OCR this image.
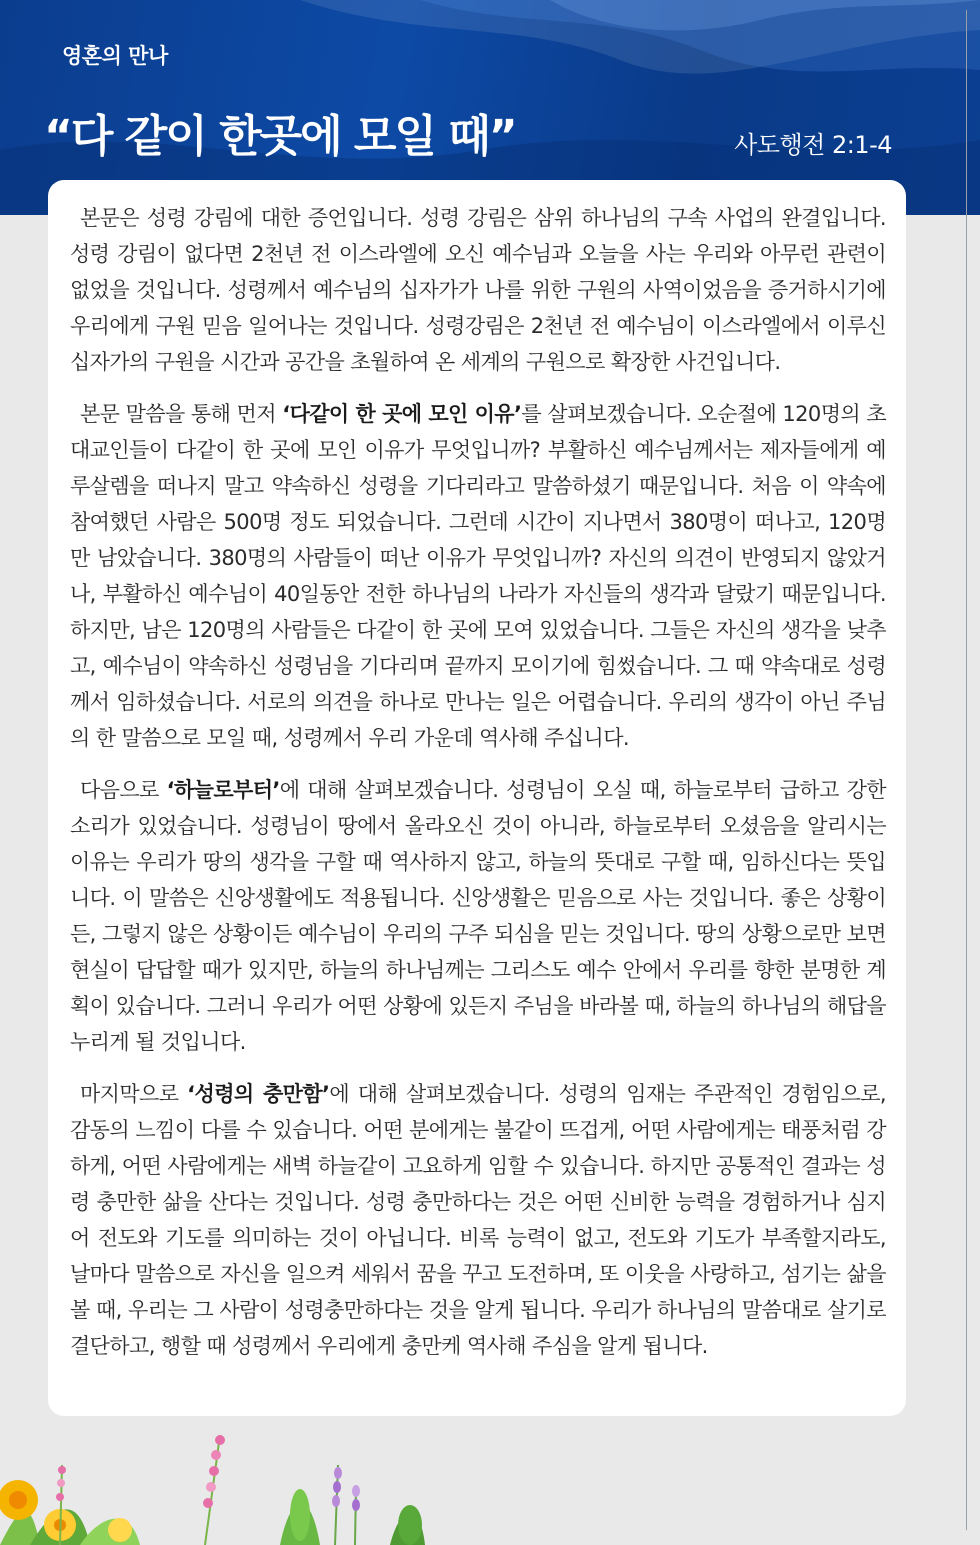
영혼의 만나
“다 같이 한곳에 모일 때”	사도행전 2:1-4

본문은 성령 강림에 대한 증언입니다. 성령 강림은 삼위 하나님의 구속 사업의 완결입니다. 성령 강림이 없다면 2천년 전 이스라엘에 오신 예수님과 오늘을 사는 우리와 아무런 관련이 없었을 것입니다. 성령께서 예수님의 십자가가 나를 위한 구원의 사역이었음을 증거하시기에 우리에게 구원 믿음 일어나는 것입니다. 성령강림은 2천년 전 예수님이 이스라엘에서 이루신 십자가의 구원을 시간과 공간을 초월하여 온 세계의 구원으로 확장한 사건입니다.

본문 말씀을 통해 먼저 ‘다같이 한 곳에 모인 이유’를 살펴보겠습니다. 오순절에 120명의 초대교인들이 다같이 한 곳에 모인 이유가 무엇입니까? 부활하신 예수님께서는 제자들에게 예루살렘을 떠나지 말고 약속하신 성령을 기다리라고 말씀하셨기 때문입니다. 처음 이 약속에 참여했던 사람은 500명 정도 되었습니다. 그런데 시간이 지나면서 380명이 떠나고, 120명만 남았습니다. 380명의 사람들이 떠난 이유가 무엇입니까? 자신의 의견이 반영되지 않았거나, 부활하신 예수님이 40일동안 전한 하나님의 나라가 자신들의 생각과 달랐기 때문입니다. 하지만, 남은 120명의 사람들은 다같이 한 곳에 모여 있었습니다. 그들은 자신의 생각을 낮추고, 예수님이 약속하신 성령님을 기다리며 끝까지 모이기에 힘썼습니다. 그 때 약속대로 성령께서 임하셨습니다. 서로의 의견을 하나로 만나는 일은 어렵습니다. 우리의 생각이 아닌 주님의 한 말씀으로 모일 때, 성령께서 우리 가운데 역사해 주십니다.

다음으로 ‘하늘로부터’에 대해 살펴보겠습니다. 성령님이 오실 때, 하늘로부터 급하고 강한 소리가 있었습니다. 성령님이 땅에서 올라오신 것이 아니라, 하늘로부터 오셨음을 알리시는 이유는 우리가 땅의 생각을 구할 때 역사하지 않고, 하늘의 뜻대로 구할 때, 임하신다는 뜻입니다. 이 말씀은 신앙생활에도 적용됩니다. 신앙생활은 믿음으로 사는 것입니다. 좋은 상황이든, 그렇지 않은 상황이든 예수님이 우리의 구주 되심을 믿는 것입니다. 땅의 상황으로만 보면 현실이 답답할 때가 있지만, 하늘의 하나님께는 그리스도 예수 안에서 우리를 향한 분명한 계획이 있습니다. 그러니 우리가 어떤 상황에 있든지 주님을 바라볼 때, 하늘의 하나님의 해답을 누리게 될 것입니다.

마지막으로 ‘성령의 충만함’에 대해 살펴보겠습니다. 성령의 임재는 주관적인 경험임으로, 감동의 느낌이 다를 수 있습니다. 어떤 분에게는 불같이 뜨겁게, 어떤 사람에게는 태풍처럼 강하게, 어떤 사람에게는 새벽 하늘같이 고요하게 임할 수 있습니다. 하지만 공통적인 결과는 성령 충만한 삶을 산다는 것입니다. 성령 충만하다는 것은 어떤 신비한 능력을 경험하거나 심지어 전도와 기도를 의미하는 것이 아닙니다. 비록 능력이 없고, 전도와 기도가 부족할지라도, 날마다 말씀으로 자신을 일으켜 세워서 꿈을 꾸고 도전하며, 또 이웃을 사랑하고, 섬기는 삶을 볼 때, 우리는 그 사람이 성령충만하다는 것을 알게 됩니다. 우리가 하나님의 말씀대로 살기로 결단하고, 행할 때 성령께서 우리에게 충만케 역사해 주심을 알게 됩니다.
